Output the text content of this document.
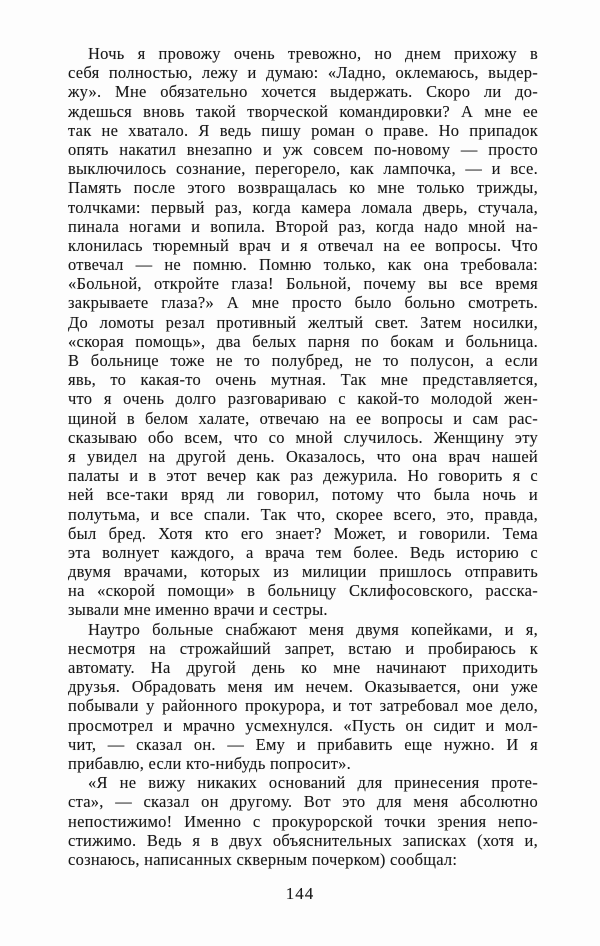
Ночь я провожу очень тревожно, но днем прихожу в
себя полностью, лежу и думаю: «Ладно, оклемаюсь, выдер-
жу». Мне обязательно хочется выдержать. Скоро ли до-
ждешься вновь такой творческой командировки? А мне ее
так не хватало. Я ведь пишу роман о праве. Но припадок
опять накатил внезапно и уж совсем по-новому — просто
выключилось сознание, перегорело, как лампочка, — и все.
Память после этого возвращалась ко мне только трижды,
толчками: первый раз, когда камера ломала дверь, стучала,
пинала ногами и вопила. Второй раз, когда надо мной на-
клонилась тюремный врач и я отвечал на ее вопросы. Что
отвечал — не помню. Помню только, как она требовала:
«Больной, откройте глаза! Больной, почему вы все время
закрываете глаза?» А мне просто было больно смотреть.
До ломоты резал противный желтый свет. Затем носилки,
«скорая помощь», два белых парня по бокам и больница.
В больнице тоже не то полубред, не то полусон, а если
явь, то какая-то очень мутная. Так мне представляется,
что я очень долго разговариваю с какой-то молодой жен-
щиной в белом халате, отвечаю на ее вопросы и сам рас-
сказываю обо всем, что со мной случилось. Женщину эту
я увидел на другой день. Оказалось, что она врач нашей
палаты и в этот вечер как раз дежурила. Но говорить я с
ней все-таки вряд ли говорил, потому что была ночь и
полутьма, и все спали. Так что, скорее всего, это, правда,
был бред. Хотя кто его знает? Может, и говорили. Тема
эта волнует каждого, а врача тем более. Ведь историю с
двумя врачами, которых из милиции пришлось отправить
на «скорой помощи» в больницу Склифосовского, расска-
зывали мне именно врачи и сестры.
Наутро больные снабжают меня двумя копейками, и я,
несмотря на строжайший запрет, встаю и пробираюсь к
автомату. На другой день ко мне начинают приходить
друзья. Обрадовать меня им нечем. Оказывается, они уже
побывали у районного прокурора, и тот затребовал мое дело,
просмотрел и мрачно усмехнулся. «Пусть он сидит и мол-
чит, — сказал он. — Ему и прибавить еще нужно. И я
прибавлю, если кто-нибудь попросит».
«Я не вижу никаких оснований для принесения проте-
ста», — сказал он другому. Вот это для меня абсолютно
непостижимо! Именно с прокурорской точки зрения непо-
стижимо. Ведь я в двух объяснительных записках (хотя и,
сознаюсь, написанных скверным почерком) сообщал:
144
